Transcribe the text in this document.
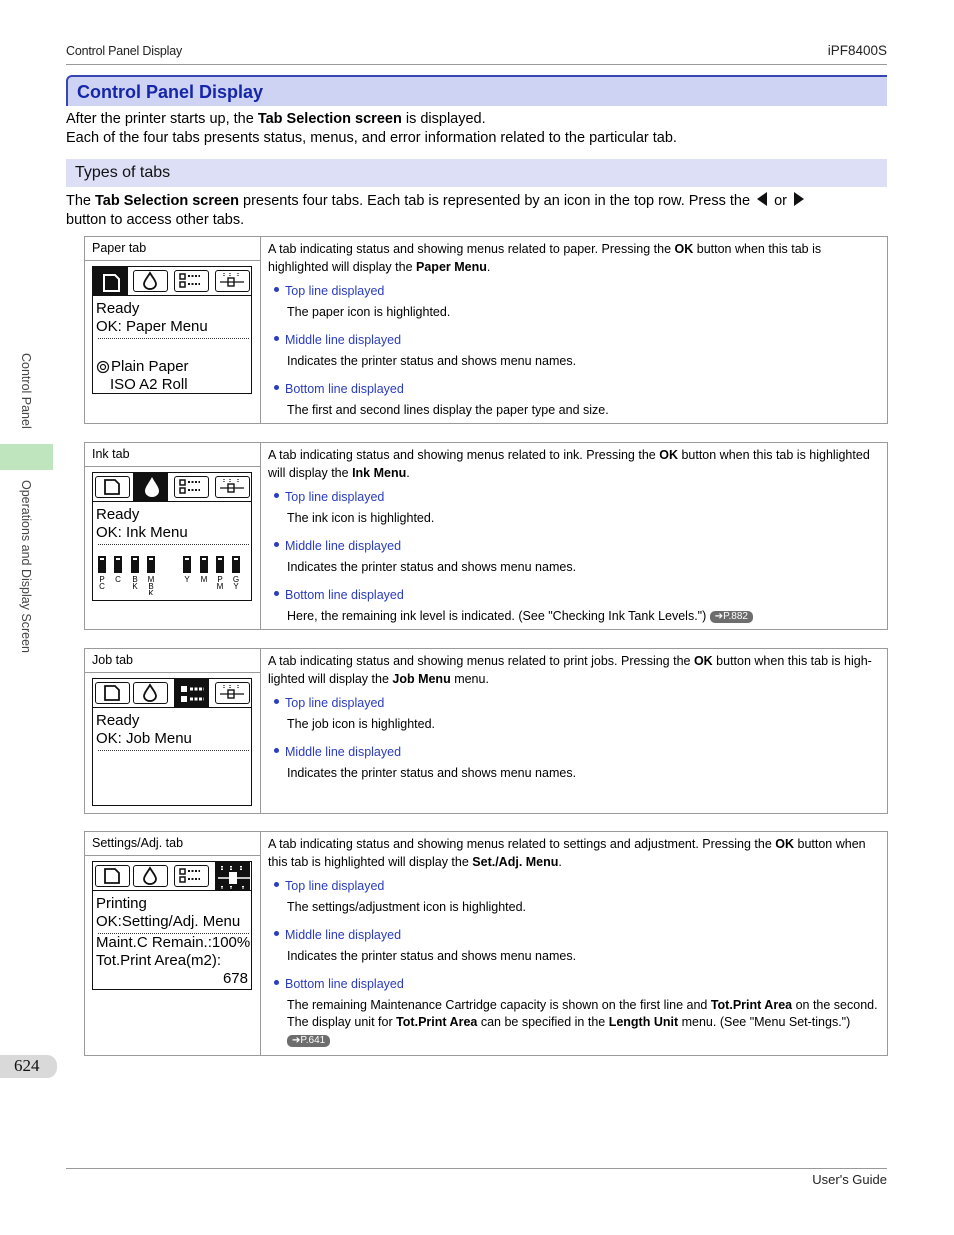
Control Panel Display	iPF8400S
Control Panel Display
After the printer starts up, the Tab Selection screen is displayed.
Each of the four tabs presents status, menus, and error information related to the particular tab.
Types of tabs
The Tab Selection screen presents four tabs. Each tab is represented by an icon in the top row. Press the  or
button to access other tabs.
Paper tab
Ready
OK: Paper Menu
Plain Paper
ISO A2 Roll
A tab indicating status and showing menus related to paper. Pressing the OK button when this tab is highlighted will display the Paper Menu.
Top line displayed
The paper icon is highlighted.
Middle line displayed
Indicates the printer status and shows menu names.
Bottom line displayed
The first and second lines display the paper type and size.
Ink tab
Ready
OK: Ink Menu
P
C
C B
K
M
B
K
Y M P
M
G
Y
A tab indicating status and showing menus related to ink. Pressing the OK button when this tab is highlighted will display the Ink Menu.
Top line displayed
The ink icon is highlighted.
Middle line displayed
Indicates the printer status and shows menu names.
Bottom line displayed
Here, the remaining ink level is indicated. (See "Checking Ink Tank Levels.") ➔P.882
Job tab
Ready
OK: Job Menu
A tab indicating status and showing menus related to print jobs. Pressing the OK button when this tab is high-lighted will display the Job Menu menu.
Top line displayed
The job icon is highlighted.
Middle line displayed
Indicates the printer status and shows menu names.
Settings/Adj. tab
Printing
OK:Setting/Adj. Menu
Maint.C Remain.:100%
Tot.Print Area(m2):
678
A tab indicating status and showing menus related to settings and adjustment. Pressing the OK button when this tab is highlighted will display the Set./Adj. Menu.
Top line displayed
The settings/adjustment icon is highlighted.
Middle line displayed
Indicates the printer status and shows menu names.
Bottom line displayed
The remaining Maintenance Cartridge capacity is shown on the first line and Tot.Print Area on the second. The display unit for Tot.Print Area can be specified in the Length Unit menu. (See "Menu Set-tings.") ➔P.641
Control Panel
Operations and Display Screen
624
User's Guide
